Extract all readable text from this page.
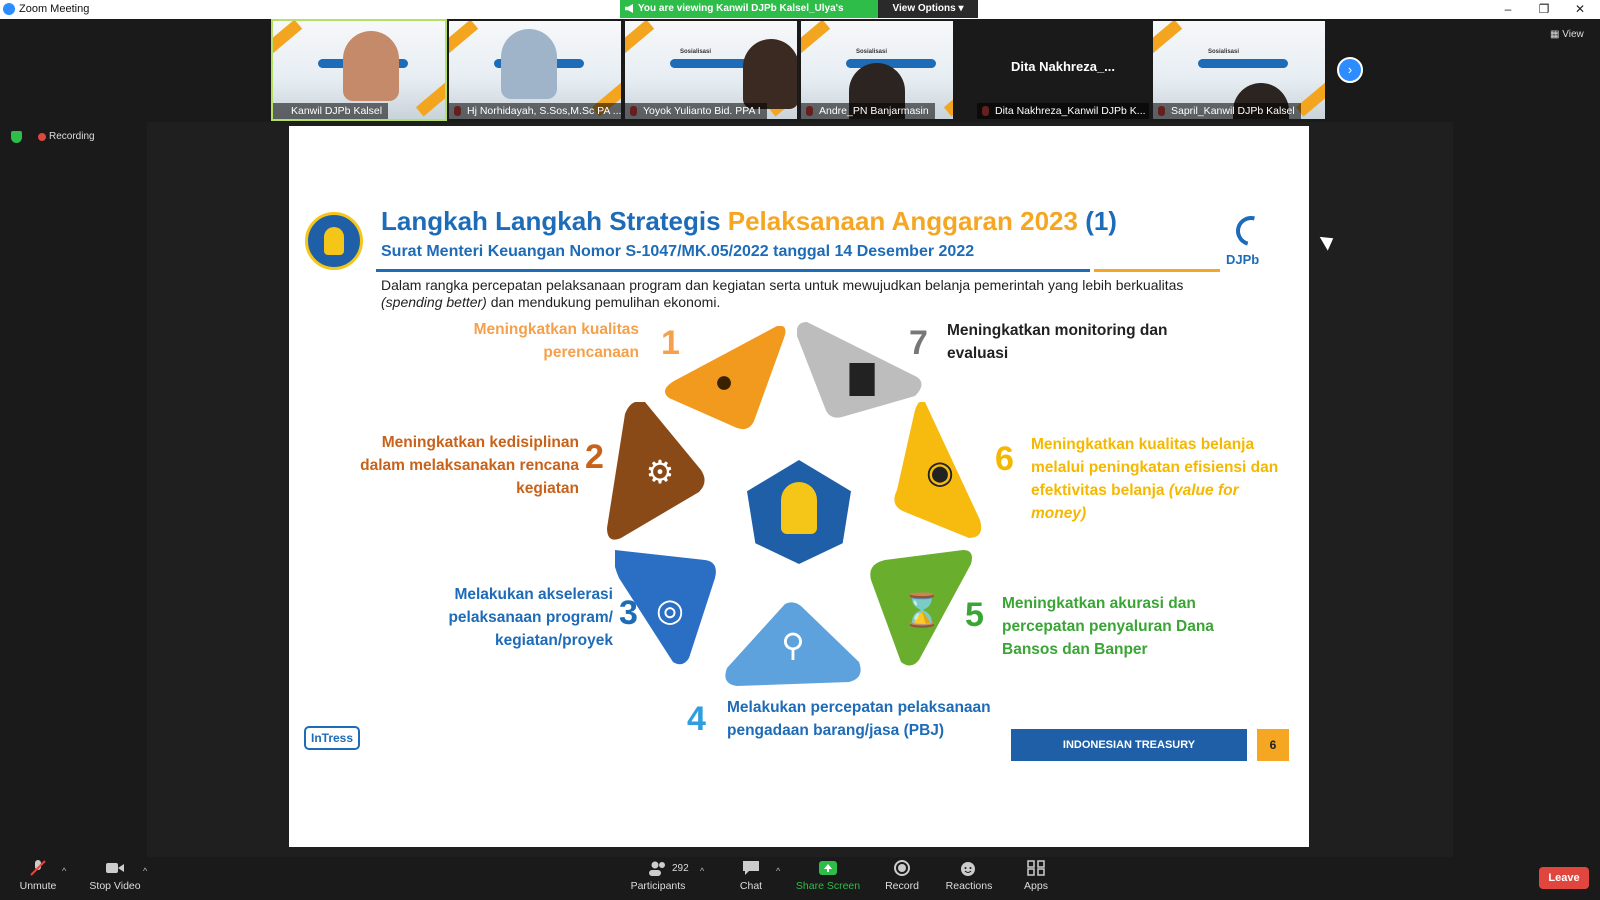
Zoom Meeting	–	❐	✕
You are viewing Kanwil DJPb Kalsel_Ulya's	View Options ▾
▦ View
Kanwil DJPb Kalsel	Hj Norhidayah, S.Sos,M.Sc PA ...
Sosialisasi
Yoyok Yulianto Bid. PPA I
Sosialisasi
Andre_PN Banjarmasin
Dita Nakhreza_...
Dita Nakhreza_Kanwil DJPb K...
Sosialisasi
Sapril_Kanwil DJPb Kalsel
›
Recording
Langkah Langkah Strategis Pelaksanaan Anggaran 2023 (1)
Surat Menteri Keuangan Nomor S-1047/MK.05/2022 tanggal 14 Desember 2022	DJPb
Dalam rangka percepatan pelaksanaan program dan kegiatan serta untuk mewujudkan belanja pemerintah yang lebih berkualitas (spending better) dan mendukung pemulihan ekonomi.
●	▇
◉
⚙
◎
⚲
⌛
1
2
3
4
5
6
7
Meningkatkan kualitas perencanaan
Meningkatkan kedisiplinan dalam melaksanakan rencana kegiatan
Melakukan akselerasi pelaksanaan program/ kegiatan/proyek
Melakukan percepatan pelaksanaan pengadaan barang/jasa (PBJ)
Meningkatkan akurasi dan percepatan penyaluran Dana Bansos dan Banper
Meningkatkan kualitas belanja melalui peningkatan efisiensi dan efektivitas belanja (value for money)
Meningkatkan monitoring dan evaluasi
InTress	INDONESIAN TREASURY	6
Unmute
^
Stop Video
^
Participants
292 ^
Chat
^
Share Screen	Record	Reactions	Apps
Leave
